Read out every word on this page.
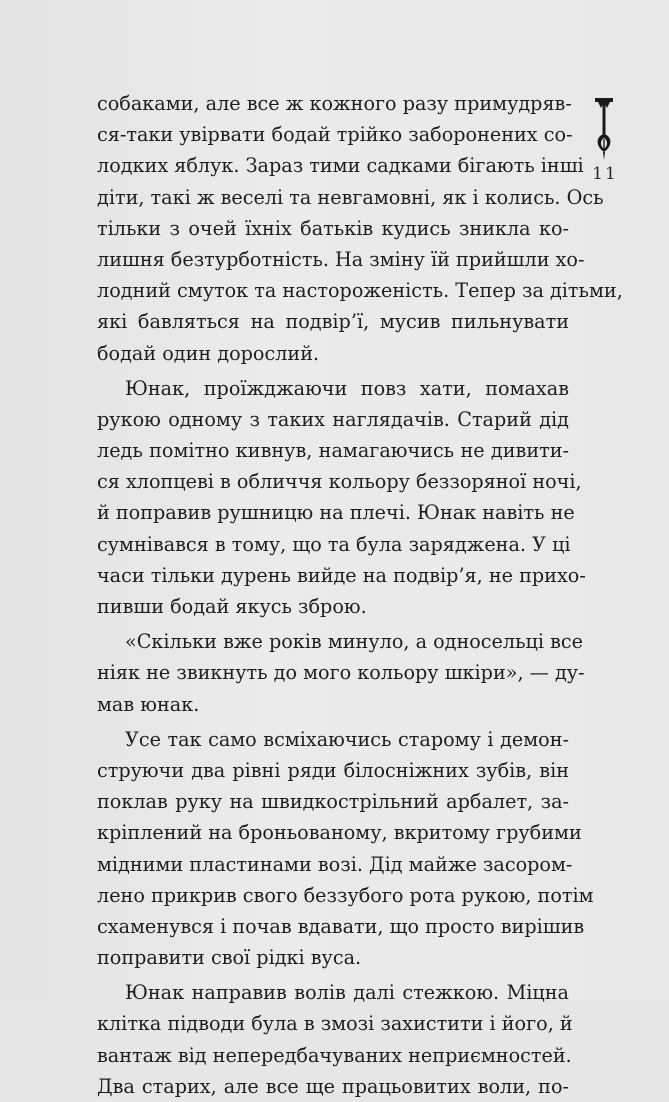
собаками, але все ж кожного разу примудряв-
ся-таки увірвати бодай трійко заборонених со-
лодких яблук. Зараз тими садками бігають інші
діти, такі ж веселі та невгамовні, як і колись. Ось
тільки з очей їхніх батьків кудись зникла ко-
лишня безтурботність. На зміну їй прийшли хо-
лодний смуток та настороженість. Тепер за дітьми,
які бавляться на подвір’ї, мусив пильнувати
бодай один дорослий.
Юнак, проїжджаючи повз хати, помахав
рукою одному з таких наглядачів. Старий дід
ледь помітно кивнув, намагаючись не дивити-
ся хлопцеві в обличчя кольору беззоряної ночі,
й поправив рушницю на плечі. Юнак навіть не
сумнівався в тому, що та була заряджена. У ці
часи тільки дурень вийде на подвір’я, не прихо-
пивши бодай якусь зброю.
«Скільки вже років минуло, а односельці все
ніяк не звикнуть до мого кольору шкіри», — ду-
мав юнак.
Усе так само всміхаючись старому і демон-
струючи два рівні ряди білосніжних зубів, він
поклав руку на швидкострільний арбалет, за-
кріплений на броньованому, вкритому грубими
мідними пластинами возі. Дід майже засором-
лено прикрив свого беззубого рота рукою, потім
схаменувся і почав вдавати, що просто вирішив
поправити свої рідкі вуса.
Юнак направив волів далі стежкою. Міцна
клітка підводи була в змозі захистити і його, й
вантаж від непередбачуваних неприємностей.
Два старих, але все ще працьовитих воли, по-
11
